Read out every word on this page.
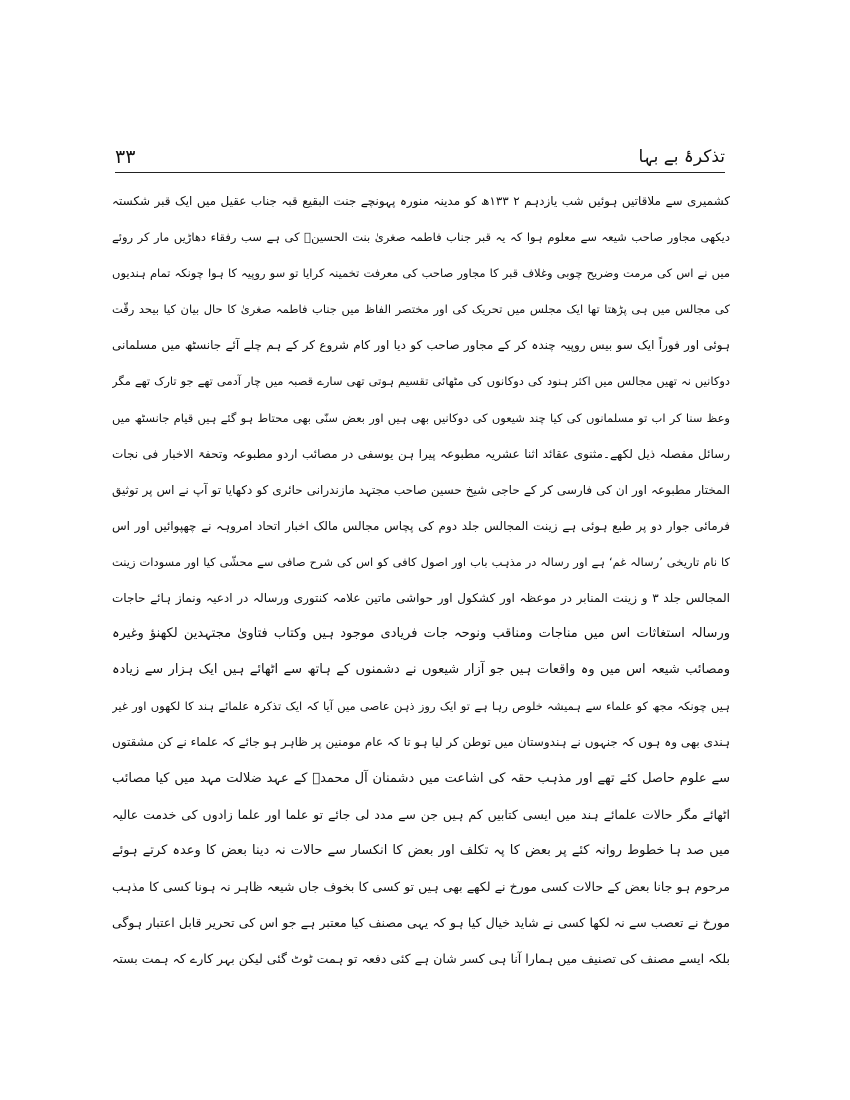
٣٣	تذکرۂ بے بہا
کشمیری سے ملاقاتیں ہوئیں شب یازدہم ۲ ۱۳۳ھ کو مدینہ منورہ پہونچے جنت البقیع قبہ جناب عقیل میں ایک قبر شکستہ
دیکھی مجاور صاحب شیعہ سے معلوم ہوا کہ یہ قبر جناب فاطمہ صغریٰ بنت الحسینؑ کی ہے سب رفقاء دھاڑیں مار کر روئے
میں نے اس کی مرمت وضریح چوبی وغلاف قبر کا مجاور صاحب کی معرفت تخمینہ کرایا تو سو روپیہ کا ہوا چونکہ تمام ہندیوں
کی مجالس میں ہی پڑھتا تھا ایک مجلس میں تحریک کی اور مختصر الفاظ میں جناب فاطمہ صغریٰ کا حال بیان کیا بیحد رقّت
ہوئی اور فوراً ایک سو بیس روپیہ چندہ کر کے مجاور صاحب کو دیا اور کام شروع کر کے ہم چلے آئے جانسٹھ میں مسلمانی
دوکانیں نہ تھیں مجالس میں اکثر ہنود کی دوکانوں کی مٹھائی تقسیم ہوتی تھی سارے قصبہ میں چار آدمی تھے جو تارک تھے مگر
وعظ سنا کر اب تو مسلمانوں کی کیا چند شیعوں کی دوکانیں بھی ہیں اور بعض سنّی بھی محتاط ہو گئے ہیں قیام جانسٹھ میں
رسائل مفصلہ ذیل لکھے۔مثنوی عقائد اثنا عشریہ مطبوعہ پیرا ہن یوسفی در مصائب اردو مطبوعہ وتحفۃ الاخبار فی نجات
المختار مطبوعہ اور ان کی فارسی کر کے حاجی شیخ حسین صاحب مجتہد مازندرانی حائری کو دکھایا تو آپ نے اس پر توثیق
فرمائی جوار دو پر طبع ہوئی ہے زینت المجالس جلد دوم کی پچاس مجالس مالک اخبار اتحاد امروہہ نے چھپوائیں اور اس
کا نام تاریخی ’رسالہ غم‘ ہے اور رسالہ در مذہب باب اور اصول کافی کو اس کی شرح صافی سے محشّی کیا اور مسودات زینت
المجالس جلد ۳ و زینت المنابر در موعظہ اور کشکول اور حواشی ماتین علامہ کنتوری ورسالہ در ادعیہ ونماز ہائے حاجات
ورسالہ استغاثات اس میں مناجات ومناقب ونوحہ جات فریادی موجود ہیں وکتاب فتاویٰ مجتہدین لکھنؤ وغیرہ
ومصائب شیعہ اس میں وہ واقعات ہیں جو آزار شیعوں نے دشمنوں کے ہاتھ سے اٹھائے ہیں ایک ہزار سے زیادہ
ہیں چونکہ مجھ کو علماء سے ہمیشہ خلوص رہا ہے تو ایک روز ذہن عاصی میں آیا کہ ایک تذکرہ علمائے ہند کا لکھوں اور غیر
ہندی بھی وہ ہوں کہ جنہوں نے ہندوستان میں توطن کر لیا ہو تا کہ عام مومنین پر ظاہر ہو جائے کہ علماء نے کن مشقتوں
سے علوم حاصل کئے تھے اور مذہب حقہ کی اشاعت میں دشمنان آل محمدؐ کے عہد ضلالت مہد میں کیا مصائب
اٹھائے مگر حالات علمائے ہند میں ایسی کتابیں کم ہیں جن سے مدد لی جائے تو علما اور علما زادوں کی خدمت عالیہ
میں صد ہا خطوط روانہ کئے پر بعض کا پہ تکلف اور بعض کا انکسار سے حالات نہ دینا بعض کا وعدہ کرتے ہوئے
مرحوم ہو جانا بعض کے حالات کسی مورخ نے لکھے بھی ہیں تو کسی کا بخوف جاں شیعہ ظاہر نہ ہونا کسی کا مذہب
مورخ نے تعصب سے نہ لکھا کسی نے شاید خیال کیا ہو کہ یہی مصنف کیا معتبر ہے جو اس کی تحریر قابل اعتبار ہوگی
بلکہ ایسے مصنف کی تصنیف میں ہمارا آنا ہی کسر شان ہے کئی دفعہ تو ہمت ٹوٹ گئی لیکن بہر کارے کہ ہمت بستہ
